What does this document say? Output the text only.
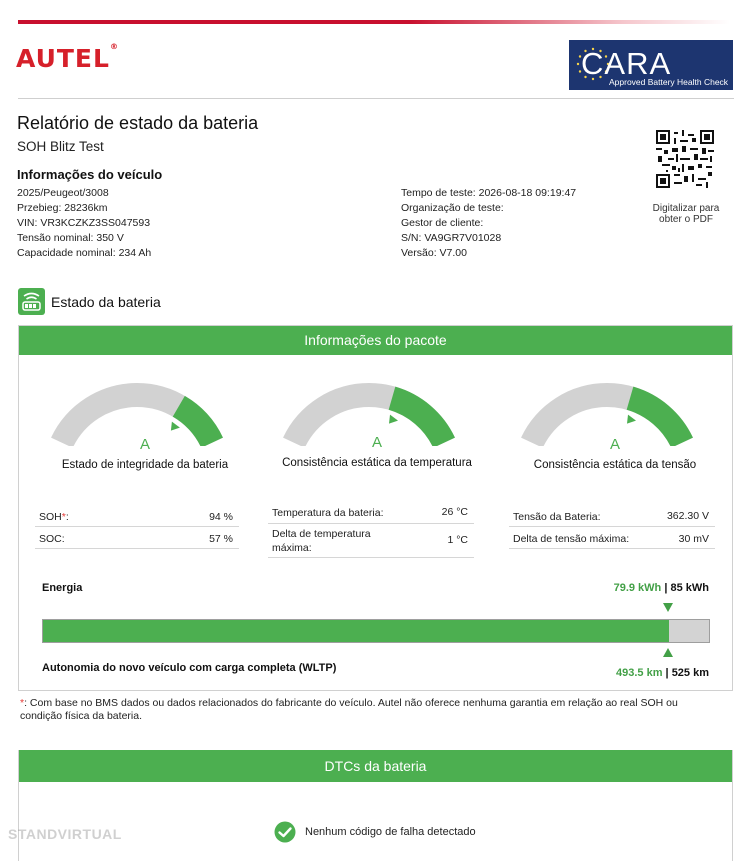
AUTEL®	CARA
Approved Battery Health Check
Relatório de estado da bateria
SOH Blitz Test
Informações do veículo
2025/Peugeot/3008
Przebieg: 28236km
VIN: VR3KCZKZ3SS047593
Tensão nominal: 350 V
Capacidade nominal: 234 Ah
Tempo de teste: 2026-08-18 09:19:47
Organização de teste:
Gestor de cliente:
S/N: VA9GR7V01028
Versão: V7.00
Digitalizar para
obter o PDF
Estado da bateria
Informações do pacote
A
Estado de integridade da bateria
A
Consistência estática da temperatura
A
Consistência estática da tensão
SOH*:	94 %
SOC:	57 %
Temperatura da bateria:	26 °C
Delta de temperatura
máxima:
1 °C
Tensão da Bateria:	362.30 V
Delta de tensão máxima:	30 mV
Energia	79.9 kWh | 85 kWh
Autonomia do novo veículo com carga completa (WLTP)	493.5 km | 525 km
*: Com base no BMS dados ou dados relacionados do fabricante do veículo. Autel não oferece nenhuma garantia em relação ao real SOH ou condição física da bateria.
DTCs da bateria
Nenhum código de falha detectado
STANDVIRTUAL
